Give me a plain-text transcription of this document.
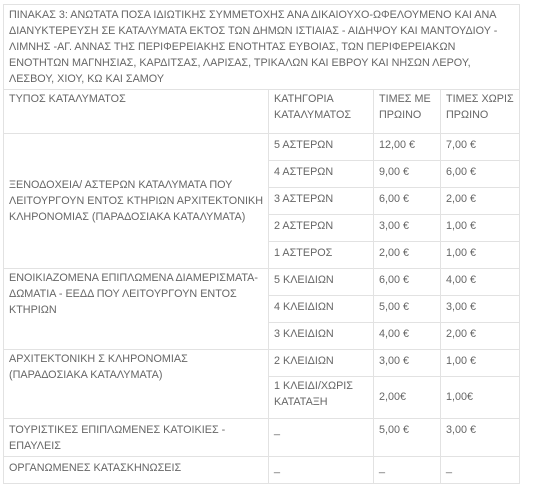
ΠΙΝΑΚΑΣ 3: ΑΝΩΤΑΤΑ ΠΟΣΑ ΙΔΙΩΤΙΚΗΣ ΣΥΜΜΕΤΟΧΗΣ ΑΝΑ ΔΙΚΑΙΟΥΧΟ-ΩΦΕΛΟΥΜΕΝΟ ΚΑΙ ΑΝΑ ΔΙΑΝΥΚΤΕΡΕΥΣΗ ΣΕ ΚΑΤΑΛΥΜΑΤΑ ΕΚΤΟΣ ΤΩΝ ΔΗΜΩΝ ΙΣΤΙΑΙΑΣ - ΑΙΔΗΨΟΥ ΚΑΙ ΜΑΝΤΟΥΔΙΟΥ - ΛΙΜΝΗΣ -ΑΓ. ΑΝΝΑΣ ΤΗΣ ΠΕΡΙΦΕΡΕΙΑΚΗΣ ΕΝΟΤΗΤΑΣ ΕΥΒΟΙΑΣ, ΤΩΝ ΠΕΡΙΦΕΡΕΙΑΚΩΝ ΕΝΟΤΗΤΩΝ ΜΑΓΝΗΣΙΑΣ, ΚΑΡΔΙΤΣΑΣ, ΛΑΡΙΣΑΣ, ΤΡΙΚΑΛΩΝ ΚΑΙ ΕΒΡΟΥ ΚΑΙ ΝΗΣΩΝ ΛΕΡΟΥ, ΛΕΣΒΟΥ, ΧΙΟΥ, ΚΩ ΚΑΙ ΣΑΜΟΥ			
ΤΥΠΟΣ ΚΑΤΑΛΥΜΑΤΟΣ	ΚΑΤΗΓΟΡΙΑ ΚΑΤΑΛΥΜΑΤΟΣ	ΤΙΜΕΣ ΜΕ ΠΡΩΙΝΟ	ΤΙΜΕΣ ΧΩΡΙΣ ΠΡΩΙΝΟ
ΞΕΝΟΔΟΧΕΙΑ/ ΑΣΤΕΡΩΝ ΚΑΤΑΛΥΜΑΤΑ ΠΟΥ ΛΕΙΤΟΥΡΓΟΥΝ ΕΝΤΟΣ ΚΤΗΡΙΩΝ ΑΡΧΙΤΕΚΤΟΝΙΚΗ ΚΛΗΡΟΝΟΜΙΑΣ (ΠΑΡΑΔΟΣΙΑΚΑ ΚΑΤΑΛΥΜΑΤΑ)	5 ΑΣΤΕΡΩΝ	12,00 €	7,00 €
	4 ΑΣΤΕΡΩΝ	9,00 €	6,00 €
	3 ΑΣΤΕΡΩΝ	6,00 €	2,00 €
	2 ΑΣΤΕΡΩΝ	3,00 €	1,00 €
	1 ΑΣΤΕΡΟΣ	2,00 €	1,00 €
ΕΝΟΙΚΙΑΖΟΜΕΝΑ ΕΠΙΠΛΩΜΕΝΑ ΔΙΑΜΕΡΙΣΜΑΤΑ-ΔΩΜΑΤΙΑ - ΕΕΔΔ ΠΟΥ ΛΕΙΤΟΥΡΓΟΥΝ ΕΝΤΟΣ ΚΤΗΡΙΩΝ	5 ΚΛΕΙΔΙΩΝ	6,00 €	4,00 €
	4 ΚΛΕΙΔΙΩΝ	5,00 €	3,00 €
	3 ΚΛΕΙΔΙΩΝ	4,00 €	2,00 €
ΑΡΧΙΤΕΚΤΟΝΙΚΗ Σ ΚΛΗΡΟΝΟΜΙΑΣ (ΠΑΡΑΔΟΣΙΑΚΑ ΚΑΤΑΛΥΜΑΤΑ)	2 ΚΛΕΙΔΙΩΝ	3,00 €	1,00 €
	1 ΚΛΕΙΔΙ/ΧΩΡΙΣ ΚΑΤΑΤΑΞΗ	2,00€	1,00€
ΤΟΥΡΙΣΤΙΚΕΣ ΕΠΙΠΛΩΜΕΝΕΣ ΚΑΤΟΙΚΙΕΣ - ΕΠΑΥΛΕΙΣ	_	5,00 €	3,00 €
ΟΡΓΑΝΩΜΕΝΕΣ ΚΑΤΑΣΚΗΝΩΣΕΙΣ	_	_	_
